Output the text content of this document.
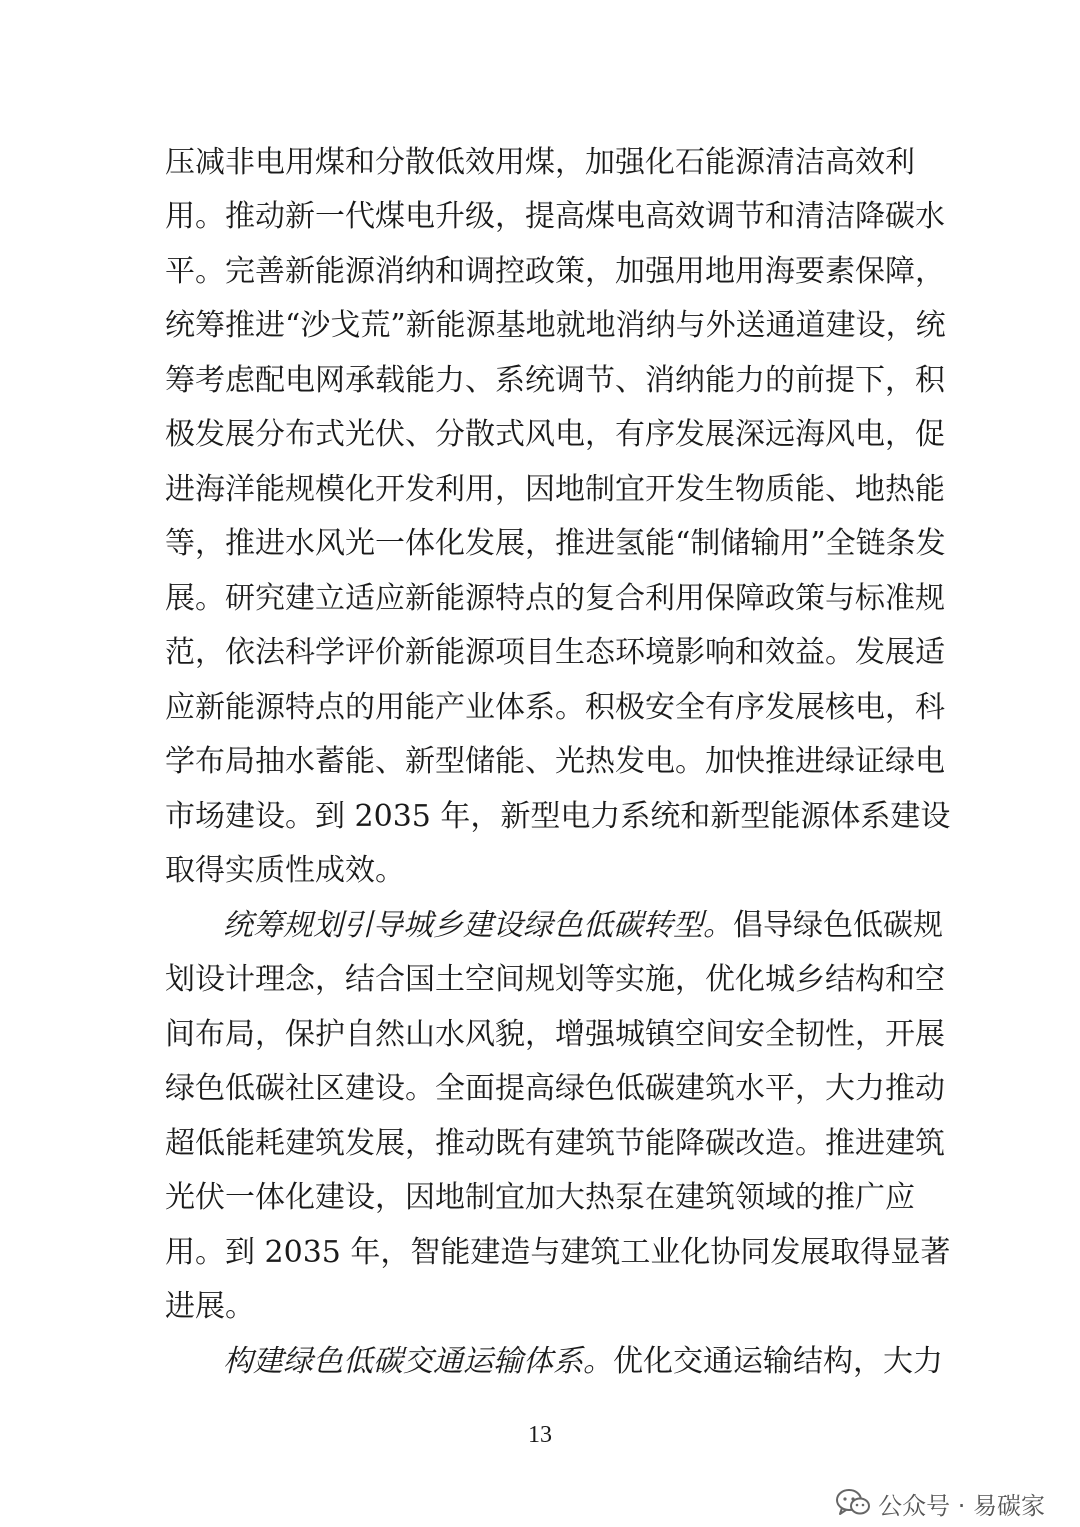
压减非电用煤和分散低效用煤，加强化石能源清洁高效利
用。推动新一代煤电升级，提高煤电高效调节和清洁降碳水
平。完善新能源消纳和调控政策，加强用地用海要素保障，
统筹推进“沙戈荒”新能源基地就地消纳与外送通道建设，统
筹考虑配电网承载能力、系统调节、消纳能力的前提下，积
极发展分布式光伏、分散式风电，有序发展深远海风电，促
进海洋能规模化开发利用，因地制宜开发生物质能、地热能
等，推进水风光一体化发展，推进氢能“制储输用”全链条发
展。研究建立适应新能源特点的复合利用保障政策与标准规
范，依法科学评价新能源项目生态环境影响和效益。发展适
应新能源特点的用能产业体系。积极安全有序发展核电，科
学布局抽水蓄能、新型储能、光热发电。加快推进绿证绿电
市场建设。到 2035 年，新型电力系统和新型能源体系建设
取得实质性成效。
统筹规划引导城乡建设绿色低碳转型。倡导绿色低碳规
划设计理念，结合国土空间规划等实施，优化城乡结构和空
间布局，保护自然山水风貌，增强城镇空间安全韧性，开展
绿色低碳社区建设。全面提高绿色低碳建筑水平，大力推动
超低能耗建筑发展，推动既有建筑节能降碳改造。推进建筑
光伏一体化建设，因地制宜加大热泵在建筑领域的推广应
用。到 2035 年，智能建造与建筑工业化协同发展取得显著
进展。
构建绿色低碳交通运输体系。优化交通运输结构，大力
13
公众号 · 易碳家
